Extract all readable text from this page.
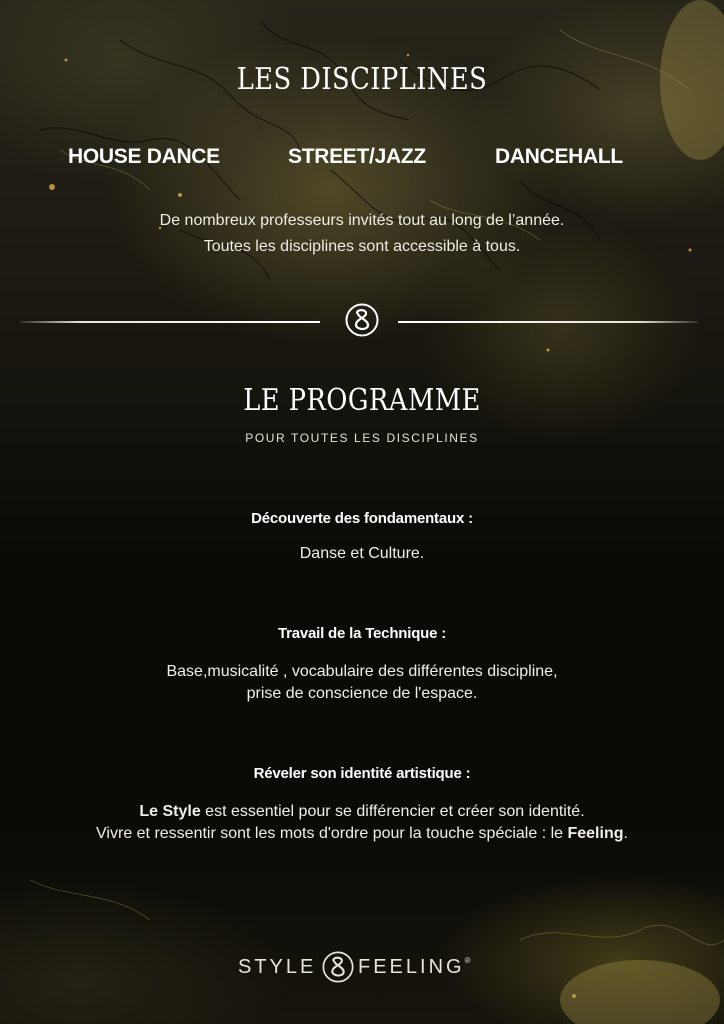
LES DISCIPLINES
HOUSE DANCE	STREET/JAZZ	DANCEHALL
De nombreux professeurs invités tout au long de l’année.
Toutes les disciplines sont accessible à tous.
LE PROGRAMME
POUR TOUTES LES DISCIPLINES
Découverte des fondamentaux :
Danse et Culture.
Travail de la Technique :
Base,musicalité , vocabulaire des différentes discipline,
prise de conscience de l'espace.
Réveler son identité artistique :
Le Style est essentiel pour se différencier et créer son identité.
Vivre et ressentir sont les mots d'ordre pour la touche spéciale : le Feeling.
STYLE FEELING®
